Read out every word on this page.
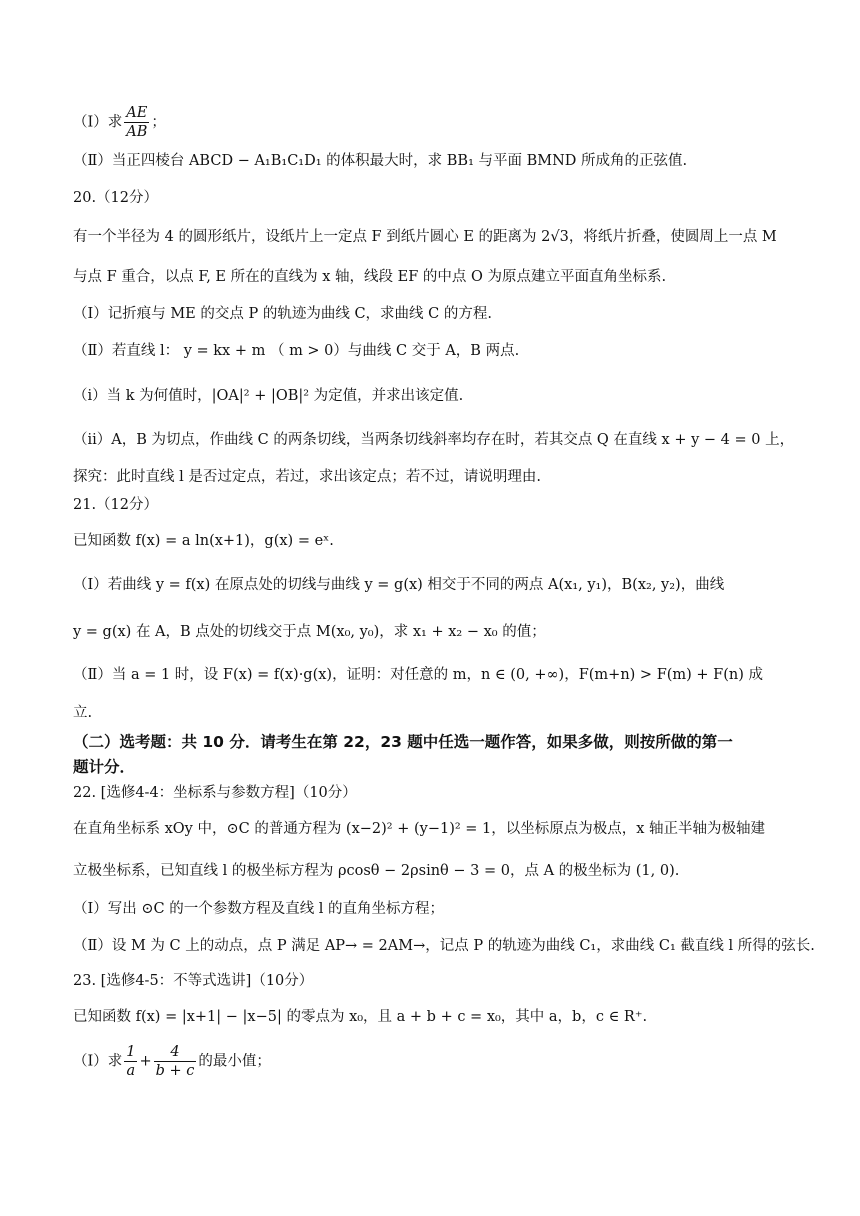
（Ⅰ）求 $\frac{AE}{AB}$ ；
（Ⅱ）当正四棱台 ABCD − A₁B₁C₁D₁ 的体积最大时，求 BB₁ 与平面 BMND 所成角的正弦值.
20.（12分）
有一个半径为 4 的圆形纸片，设纸片上一定点 F 到纸片圆心 E 的距离为 2√3，将纸片折叠，使圆周上一点 M
与点 F 重合，以点 F, E 所在的直线为 x 轴，线段 EF 的中点 O 为原点建立平面直角坐标系.
（Ⅰ）记折痕与 ME 的交点 P 的轨迹为曲线 C，求曲线 C 的方程.
（Ⅱ）若直线 l： y = kx + m （ m > 0）与曲线 C 交于 A，B 两点.
（ⅰ）当 k 为何值时，|OA|² + |OB|² 为定值，并求出该定值.
（ⅱ）A，B 为切点，作曲线 C 的两条切线，当两条切线斜率均存在时，若其交点 Q 在直线 x + y − 4 = 0 上，
探究：此时直线 l 是否过定点，若过，求出该定点；若不过，请说明理由.
21.（12分）
已知函数 f(x) = a ln(x+1)，g(x) = eˣ.
（Ⅰ）若曲线 y = f(x) 在原点处的切线与曲线 y = g(x) 相交于不同的两点 A(x₁, y₁)，B(x₂, y₂)，曲线
y = g(x) 在 A，B 点处的切线交于点 M(x₀, y₀)，求 x₁ + x₂ − x₀ 的值；
（Ⅱ）当 a = 1 时，设 F(x) = f(x)·g(x)，证明：对任意的 m，n ∈ (0, +∞)，F(m+n) > F(m) + F(n) 成
立.
（二）选考题：共 10 分．请考生在第 22，23 题中任选一题作答，如果多做，则按所做的第一
题计分．
22. [选修4-4：坐标系与参数方程]（10分）
在直角坐标系 xOy 中，⊙C 的普通方程为 (x−2)² + (y−1)² = 1，以坐标原点为极点，x 轴正半轴为极轴建
立极坐标系，已知直线 l 的极坐标方程为 ρcosθ − 2ρsinθ − 3 = 0，点 A 的极坐标为 (1, 0).
（Ⅰ）写出 ⊙C 的一个参数方程及直线 l 的直角坐标方程；
（Ⅱ）设 M 为 C 上的动点，点 P 满足 AP→ = 2AM→，记点 P 的轨迹为曲线 C₁，求曲线 C₁ 截直线 l 所得的弦长.
23. [选修4-5：不等式选讲]（10分）
已知函数 f(x) = |x+1| − |x−5| 的零点为 x₀，且 a + b + c = x₀，其中 a，b，c ∈ R⁺.
（Ⅰ）求 $\frac{1}{a} + \frac{4}{b + c}$ 的最小值；
